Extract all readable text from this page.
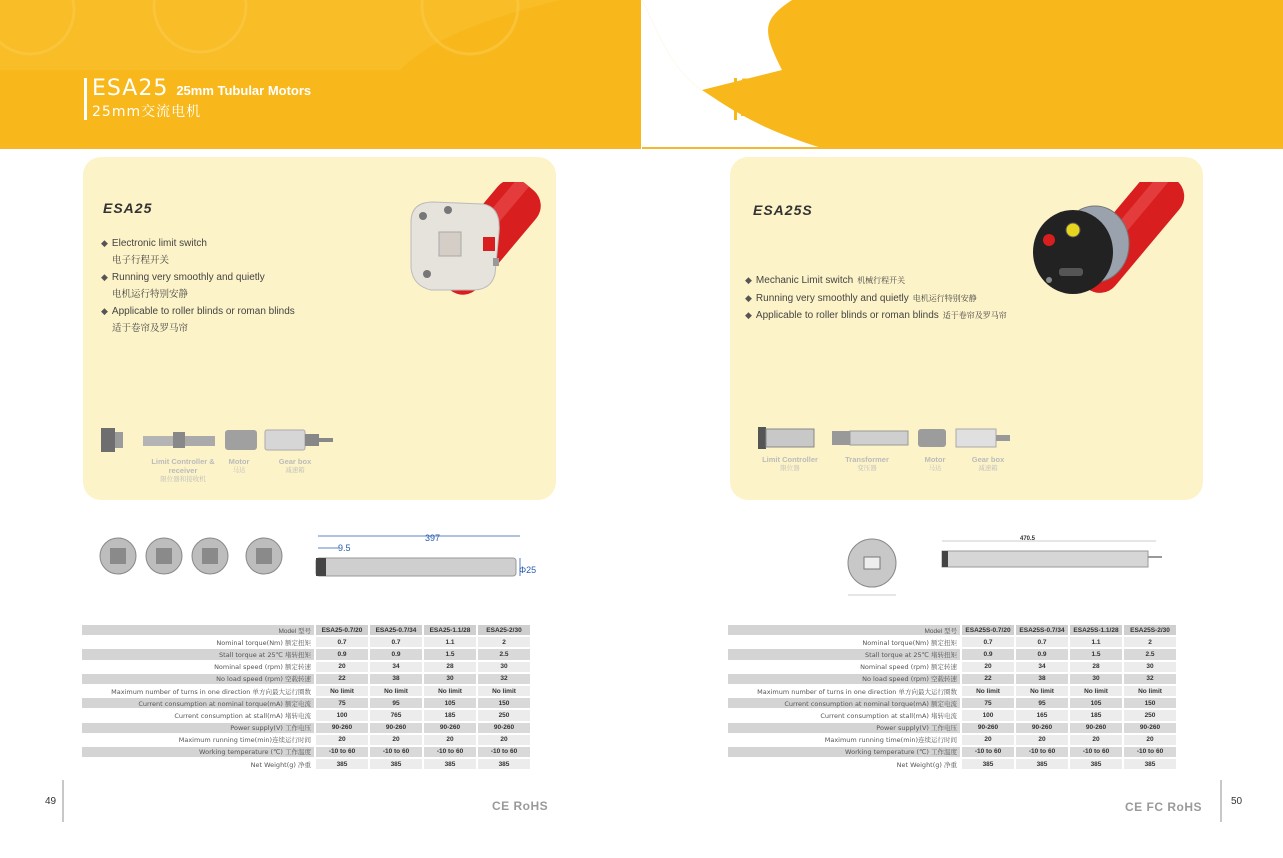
ESA25 25mm Tubular Motors
25mm交流电机
ESA25
◆ Electronic limit switch
电子行程开关
◆ Running very smoothly and quietly
电机运行特别安静
◆ Applicable to roller blinds or roman blinds
适于卷帘及罗马帘
Limit Controller & receiver
限位器和接收机
Motor
马达
Gear box
减速箱
397
9.5
Φ25
Model 型号	ESA25-0.7/20	ESA25-0.7/34	ESA25-1.1/28	ESA25-2/30
Nominal torque(Nm) 额定扭矩	0.7	0.7	1.1	2
Stall torque at 25℃ 堵转扭矩	0.9	0.9	1.5	2.5
Nominal speed (rpm) 额定转速	20	34	28	30
No load speed (rpm) 空载转速	22	38	30	32
Maximum number of turns in one direction 单方向最大运行圈数	No limit	No limit	No limit	No limit
Current consumption at nominal torque(mA) 额定电流	75	95	105	150
Current consumption at stall(mA) 堵转电流	100	765	185	250
Power supply(V) 工作电压	90-260	90-260	90-260	90-260
Maximum running time(min)连续运行时间	20	20	20	20
Working temperature (℃) 工作温度	-10 to 60	-10 to 60	-10 to 60	-10 to 60
Net Weight(g) 净重	385	385	385	385
49	CE RoHS
ESA25S 25mm Tubular Motors
25mm交流电机
ESA25S
◆ Mechanic Limit switch 机械行程开关
◆ Running very smoothly and quietly 电机运行特别安静
◆ Applicable to roller blinds or roman blinds 适于卷帘及罗马帘
Limit Controller
限位器
Transformer
变压器
Motor
马达
Gear box
减速箱
470.5
Model 型号	ESA25S-0.7/20	ESA25S-0.7/34	ESA25S-1.1/28	ESA25S-2/30
Nominal torque(Nm) 额定扭矩	0.7	0.7	1.1	2
Stall torque at 25℃ 堵转扭矩	0.9	0.9	1.5	2.5
Nominal speed (rpm) 额定转速	20	34	28	30
No load speed (rpm) 空载转速	22	38	30	32
Maximum number of turns in one direction 单方向最大运行圈数	No limit	No limit	No limit	No limit
Current consumption at nominal torque(mA) 额定电流	75	95	105	150
Current consumption at stall(mA) 堵转电流	100	165	185	250
Power supply(V) 工作电压	90-260	90-260	90-260	90-260
Maximum running time(min)连续运行时间	20	20	20	20
Working temperature (℃) 工作温度	-10 to 60	-10 to 60	-10 to 60	-10 to 60
Net Weight(g) 净重	385	385	385	385
CE FC RoHS	50
